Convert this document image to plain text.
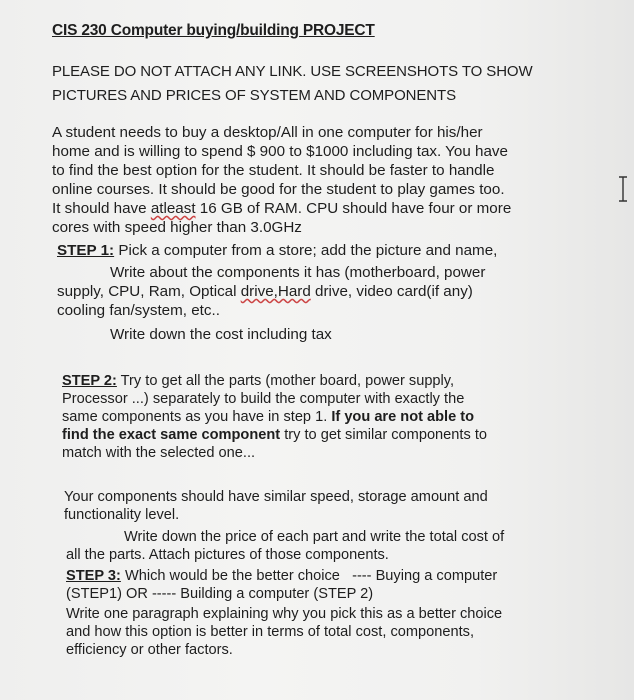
CIS 230 Computer buying/building PROJECT
PLEASE DO NOT ATTACH ANY LINK. USE SCREENSHOTS TO SHOW
PICTURES AND PRICES OF SYSTEM AND COMPONENTS
A student needs to buy a desktop/All in one computer for his/her
home and is willing to spend $ 900 to $1000 including tax. You have
to find the best option for the student. It should be faster to handle
online courses. It should be good for the student to play games too.
It should have atleast 16 GB of RAM. CPU should have four or more
cores with speed higher than 3.0GHz
STEP 1: Pick a computer from a store; add the picture and name,
Write about the components it has (motherboard, power
supply, CPU, Ram, Optical drive,Hard drive, video card(if any)
cooling fan/system, etc..
Write down the cost including tax
STEP 2: Try to get all the parts (mother board, power supply,
Processor ...) separately to build the computer with exactly the
same components as you have in step 1. If you are not able to
find the exact same component try to get similar components to
match with the selected one...
Your components should have similar speed, storage amount and
functionality level.
Write down the price of each part and write the total cost of
all the parts. Attach pictures of those components.
STEP 3: Which would be the better choice   ---- Buying a computer
(STEP1) OR ----- Building a computer (STEP 2)
Write one paragraph explaining why you pick this as a better choice
and how this option is better in terms of total cost, components,
efficiency or other factors.
